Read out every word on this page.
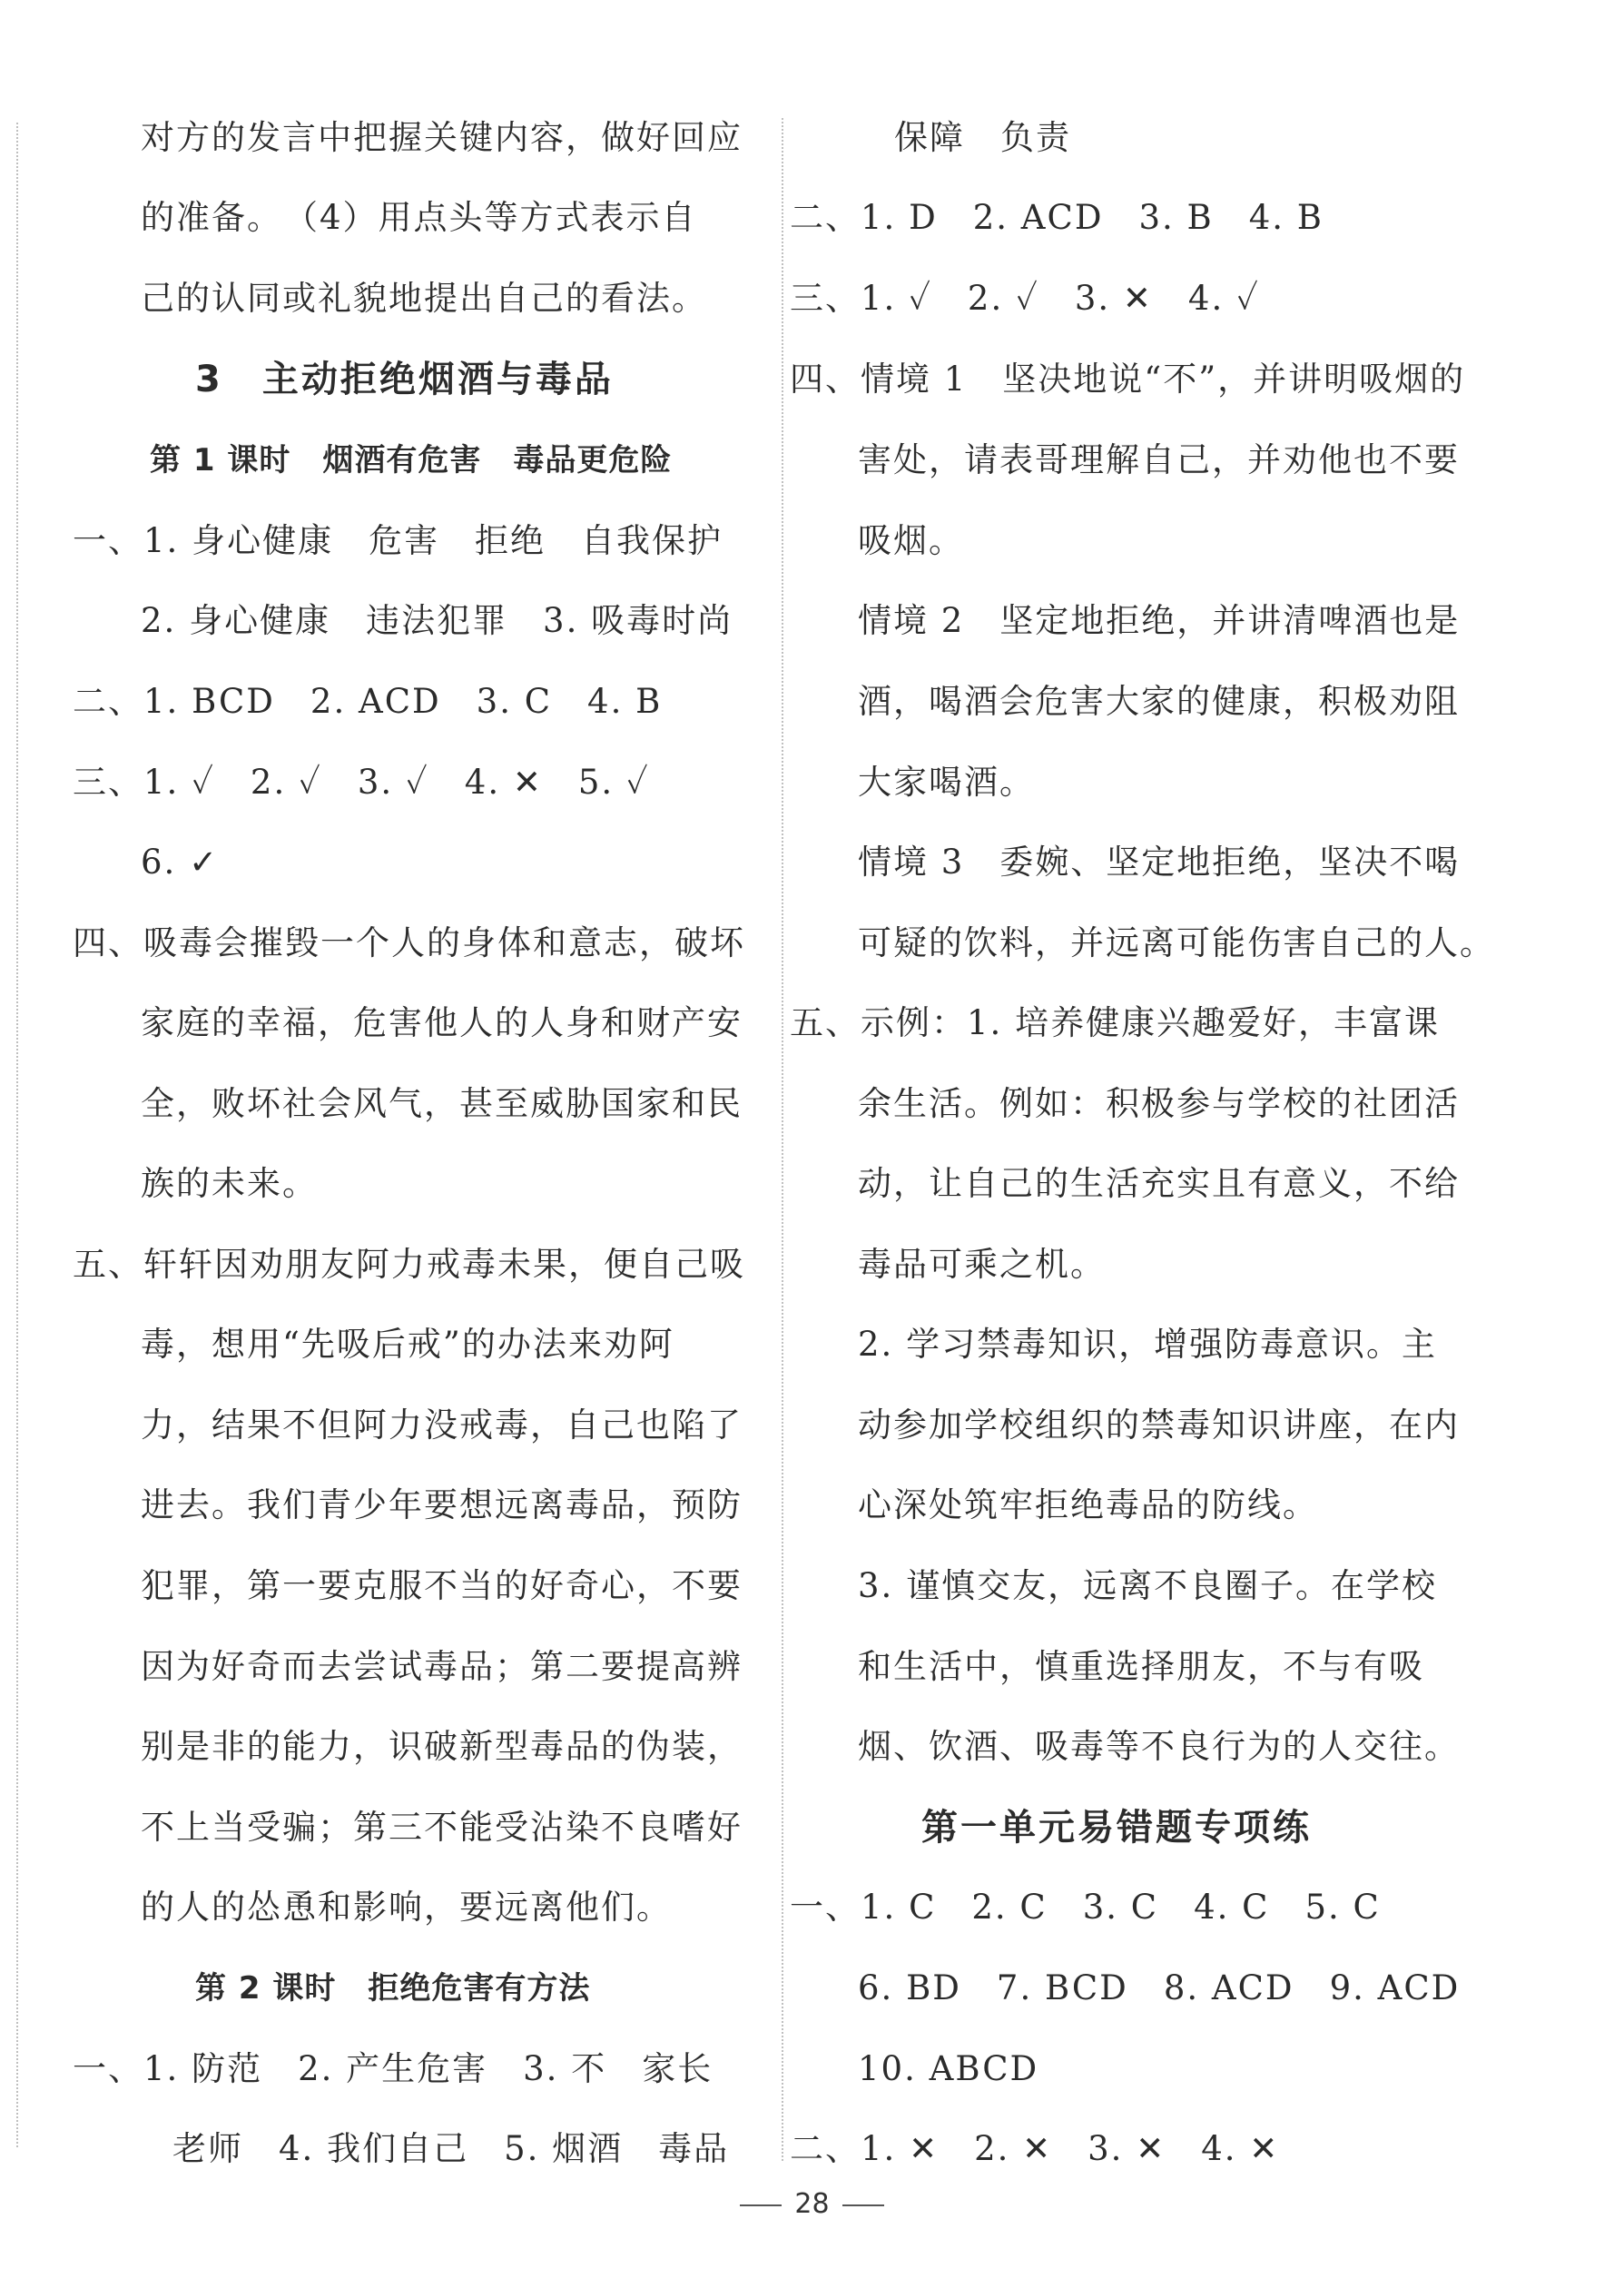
对方的发言中把握关键内容，做好回应
的准备。　（4）用点头等方式表示自
己的认同或礼貌地提出自己的看法。
3　主动拒绝烟酒与毒品
第 1 课时　烟酒有危害　毒品更危险
一、1. 身心健康　危害　拒绝　自我保护
2. 身心健康　违法犯罪　3. 吸毒时尚
二、1. BCD　2. ACD　3. C　4. B
三、1. ✓　2. ✓　3. ✓　4. ✕　5. ✓
6. ✓
四、吸毒会摧毁一个人的身体和意志，破坏
家庭的幸福，危害他人的人身和财产安
全，败坏社会风气，甚至威胁国家和民
族的未来。
五、轩轩因劝朋友阿力戒毒未果，便自己吸
毒，想用“先吸后戒”的办法来劝阿
力，结果不但阿力没戒毒，自己也陷了
进去。我们青少年要想远离毒品，预防
犯罪，第一要克服不当的好奇心，不要
因为好奇而去尝试毒品；第二要提高辨
别是非的能力，识破新型毒品的伪装，
不上当受骗；第三不能受沾染不良嗜好
的人的怂恿和影响，要远离他们。
第 2 课时　拒绝危害有方法
一、1. 防范　2. 产生危害　3. 不　家长
老师　4. 我们自己　5. 烟酒　毒品
保障　负责
二、1. D　2. ACD　3. B　4. B
三、1. ✓　2. ✓　3. ✕　4. ✓
四、情境 1　坚决地说“不”，并讲明吸烟的
害处，请表哥理解自己，并劝他也不要
吸烟。
情境 2　坚定地拒绝，并讲清啤酒也是
酒，喝酒会危害大家的健康，积极劝阻
大家喝酒。
情境 3　委婉、坚定地拒绝，坚决不喝
可疑的饮料，并远离可能伤害自己的人。
五、示例：1. 培养健康兴趣爱好，丰富课
余生活。例如：积极参与学校的社团活
动，让自己的生活充实且有意义，不给
毒品可乘之机。
2. 学习禁毒知识，增强防毒意识。主
动参加学校组织的禁毒知识讲座，在内
心深处筑牢拒绝毒品的防线。
3. 谨慎交友，远离不良圈子。在学校
和生活中，慎重选择朋友，不与有吸
烟、饮酒、吸毒等不良行为的人交往。
第一单元易错题专项练
一、1. C　2. C　3. C　4. C　5. C
6. BD　7. BCD　8. ACD　9. ACD
10. ABCD
二、1. ✕　2. ✕　3. ✕　4. ✕
28
